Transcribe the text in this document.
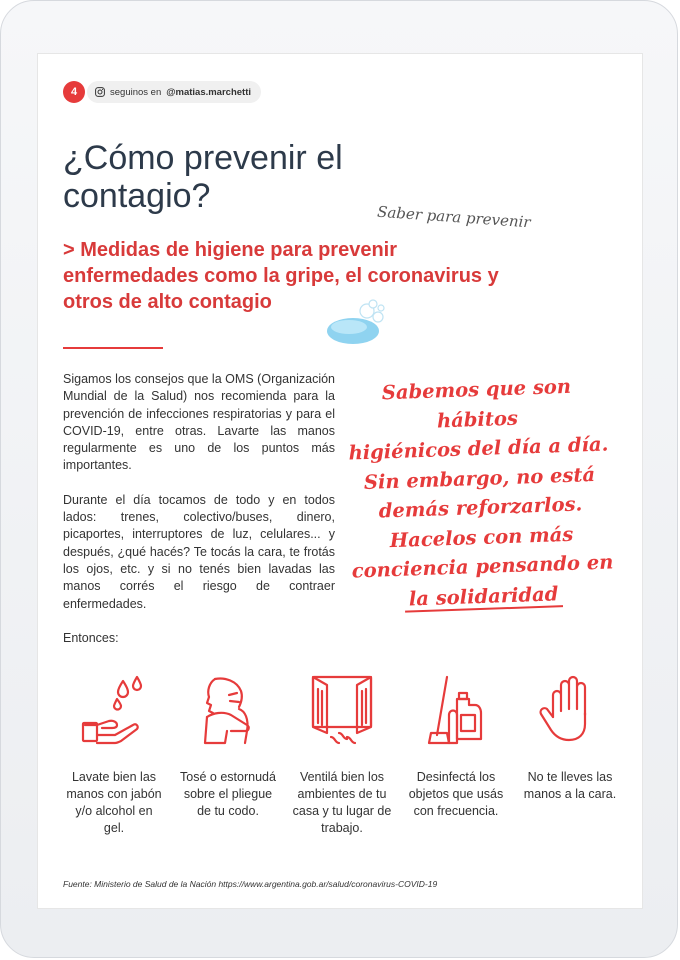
4	seguinos en @matias.marchetti
¿Cómo prevenir el contagio?
Saber para prevenir
> Medidas de higiene para prevenir enfermedades como la gripe, el coronavirus y otros de alto contagio

Sigamos los consejos que la OMS (Organización Mundial de la Salud) nos recomienda para la prevención de infecciones respiratorias y para el COVID-19, entre otras. Lavarte las manos regularmente es uno de los puntos más importantes.

Durante el día tocamos de todo y en todos lados: trenes, colectivo/buses, dinero, picaportes, interruptores de luz, celulares... y después, ¿qué hacés? Te tocás la cara, te frotás los ojos, etc. y si no tenés bien lavadas las manos corrés el riesgo de contraer enfermedades.

Entonces:

Sabemos que son hábitos
higiénicos del día a día.
Sin embargo, no está
demás reforzarlos.
Hacelos con más
conciencia pensando en
la solidaridad
Lavate bien las manos con jabón y/o alcohol en gel.
Tosé o estornudá sobre el pliegue de tu codo.
Ventilá bien los ambientes de tu casa y tu lugar de trabajo.
Desinfectá los objetos que usás con frecuencia.
No te lleves las manos a la cara.
Fuente: Ministerio de Salud de la Nación https://www.argentina.gob.ar/salud/coronavirus-COVID-19
